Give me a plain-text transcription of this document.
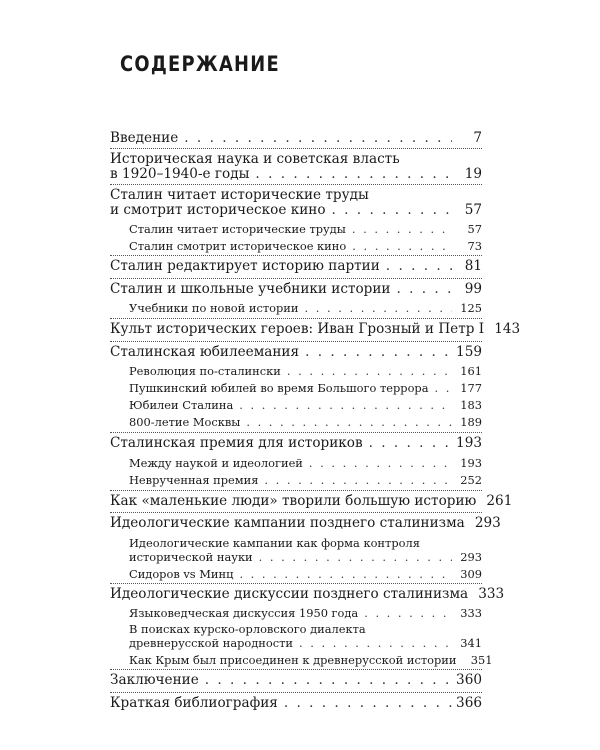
СОДЕРЖАНИЕ
Введение . . .	7
Историческая наука и советская власть
в 1920–1940-е годы . . .	19
Сталин читает исторические труды
и смотрит историческое кино . . .	57
Сталин читает исторические труды . . .	57
Сталин смотрит историческое кино . . .	73
Сталин редактирует историю партии . . .	81
Сталин и школьные учебники истории . . .	99
Учебники по новой истории . . .	125
Культ исторических героев: Иван Грозный и Петр I 143
Сталинская юбилеемания . . .	159
Революция по-сталински . . .	161
Пушкинский юбилей во время Большого террора . . .	177
Юбилеи Сталина . . .	183
800-летие Москвы . . .	189
Сталинская премия для историков . . .	193
Между наукой и идеологией . . .	193
Неврученная премия . . .	252
Как «маленькие люди» творили большую историю 261
Идеологические кампании позднего сталинизма 293
Идеологические кампании как форма контроля
исторической науки . . .	293
Сидоров vs Минц . . .	309
Идеологические дискуссии позднего сталинизма 333
Языковедческая дискуссия 1950 года . . .	333
В поисках курско-орловского диалекта
древнерусской народности . . .	341
Как Крым был присоединен к древнерусской истории	351
Заключение . . .	360
Краткая библиография . . .	366
